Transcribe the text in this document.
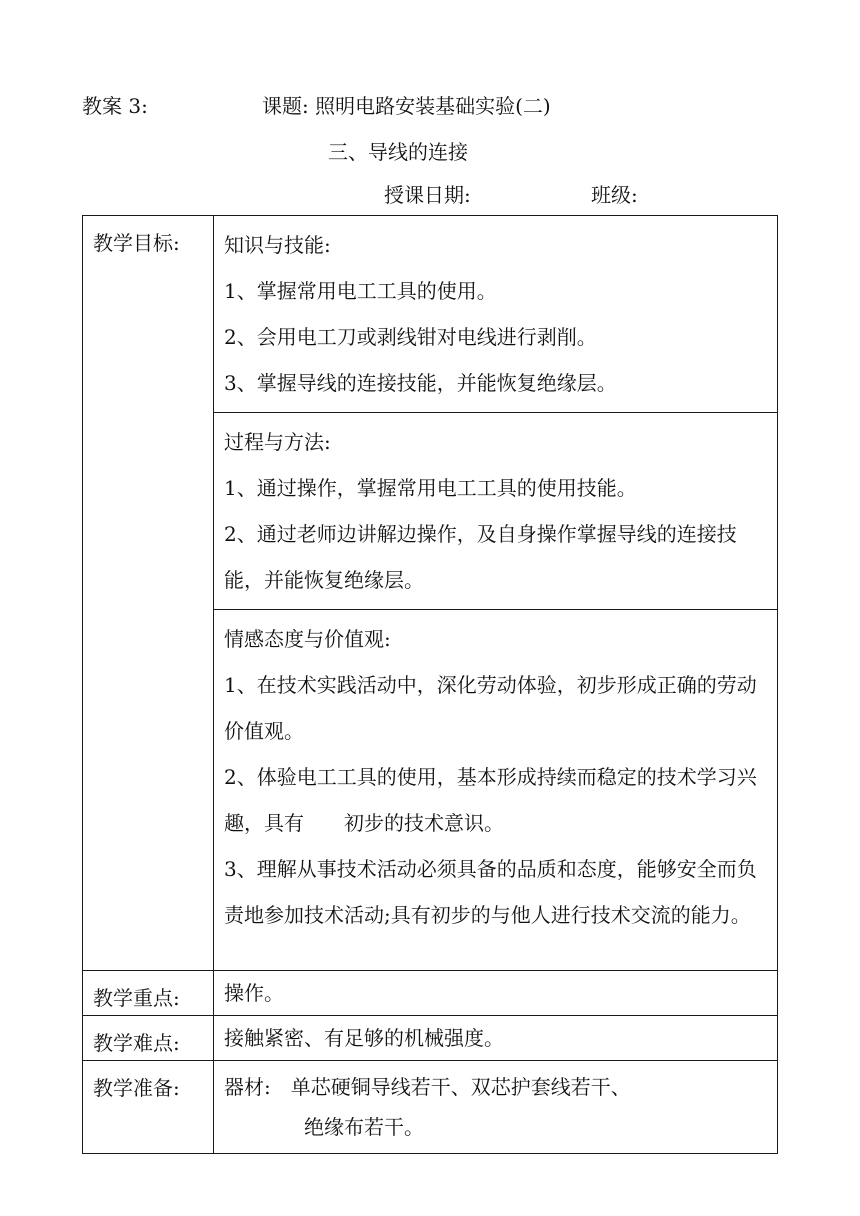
教案 3:	课题: 照明电路安装基础实验(二)
三、导线的连接
授课日期:	班级:
教学目标:	知识与技能:

1、掌握常用电工工具的使用。

2、会用电工刀或剥线钳对电线进行剥削。

3、掌握导线的连接技能，并能恢复绝缘层。

	过程与方法:

1、通过操作，掌握常用电工工具的使用技能。

2、通过老师边讲解边操作，及自身操作掌握导线的连接技能，并能恢复绝缘层。

	情感态度与价值观:

1、在技术实践活动中，深化劳动体验，初步形成正确的劳动价值观。

2、体验电工工具的使用，基本形成持续而稳定的技术学习兴趣，具有　　初步的技术意识。

3、理解从事技术活动必须具备的品质和态度，能够安全而负责地参加技术活动;具有初步的与他人进行技术交流的能力。

教学重点:	操作。

教学难点:	接触紧密、有足够的机械强度。

教学准备:	器材:　单芯硬铜导线若干、双芯护套线若干、
绝缘布若干。
